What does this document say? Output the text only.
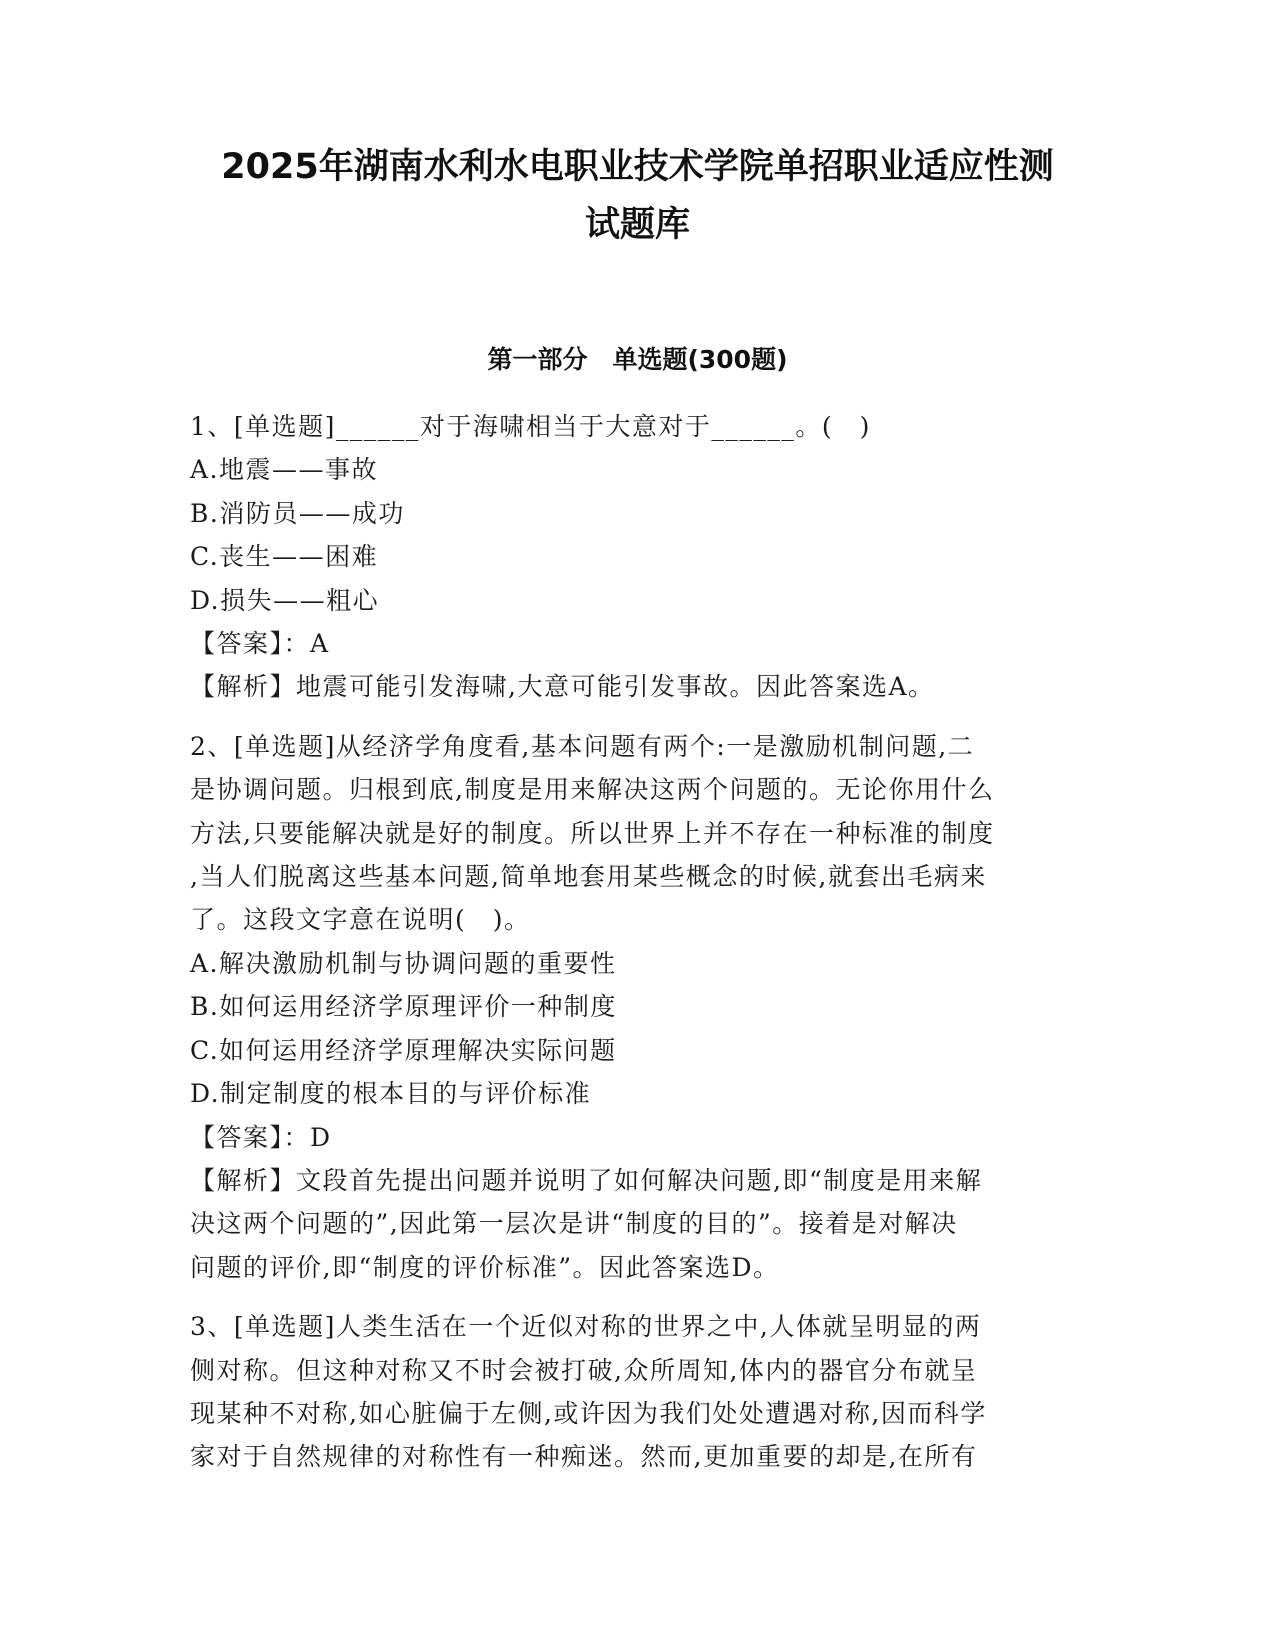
2025年湖南水利水电职业技术学院单招职业适应性测
试题库
第一部分　单选题(300题)
1、[单选题]______对于海啸相当于大意对于______。(　)
A.地震——事故
B.消防员——成功
C.丧生——困难
D.损失——粗心
【答案】：A
【解析】地震可能引发海啸,大意可能引发事故。因此答案选A。
2、[单选题]从经济学角度看,基本问题有两个:一是激励机制问题,二
是协调问题。归根到底,制度是用来解决这两个问题的。无论你用什么
方法,只要能解决就是好的制度。所以世界上并不存在一种标准的制度
,当人们脱离这些基本问题,简单地套用某些概念的时候,就套出毛病来
了。这段文字意在说明(　)。
A.解决激励机制与协调问题的重要性
B.如何运用经济学原理评价一种制度
C.如何运用经济学原理解决实际问题
D.制定制度的根本目的与评价标准
【答案】：D
【解析】文段首先提出问题并说明了如何解决问题,即“制度是用来解
决这两个问题的”,因此第一层次是讲“制度的目的”。接着是对解决
问题的评价,即“制度的评价标准”。因此答案选D。
3、[单选题]人类生活在一个近似对称的世界之中,人体就呈明显的两
侧对称。但这种对称又不时会被打破,众所周知,体内的器官分布就呈
现某种不对称,如心脏偏于左侧,或许因为我们处处遭遇对称,因而科学
家对于自然规律的对称性有一种痴迷。然而,更加重要的却是,在所有
